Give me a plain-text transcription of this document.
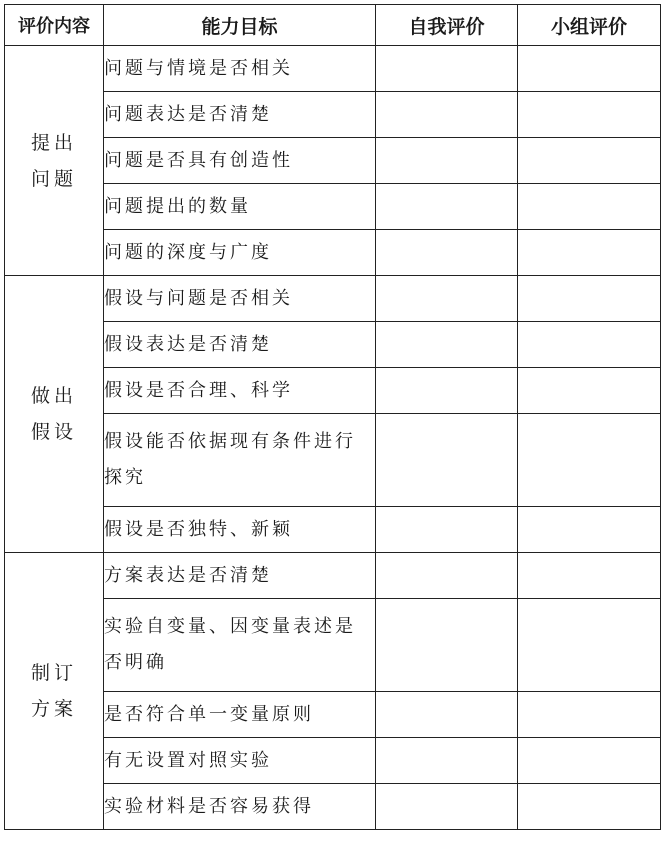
评价内容	能力目标	自我评价	小组评价

提出
问题	问题与情境是否相关		
	问题表达是否清楚		
	问题是否具有创造性		
	问题提出的数量		
	问题的深度与广度		

做出
假设	假设与问题是否相关		
	假设表达是否清楚		
	假设是否合理、科学		
	假设能否依据现有条件进行探究		
	假设是否独特、新颖		

制订
方案	方案表达是否清楚		
	实验自变量、因变量表述是否明确		
	是否符合单一变量原则		
	有无设置对照实验		
	实验材料是否容易获得		
